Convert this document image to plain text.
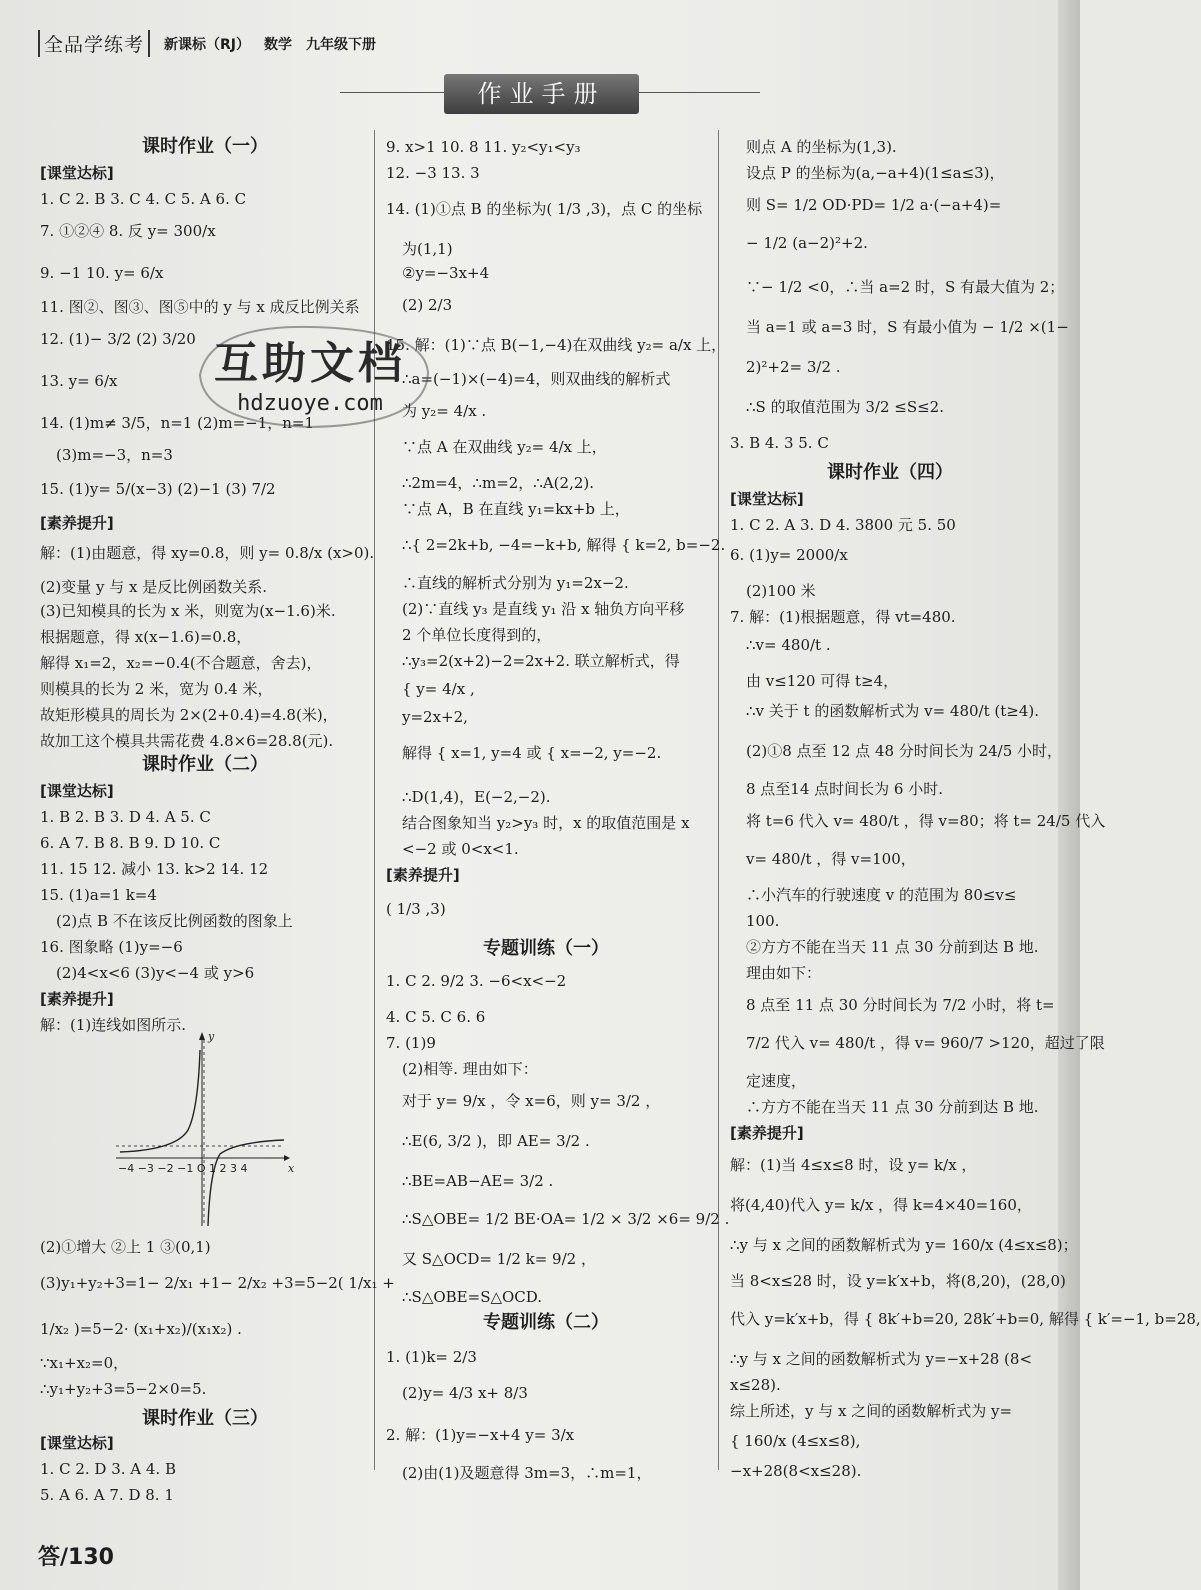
全品学练考	新课标（RJ） 数学 九年级下册
作业手册
课时作业（一）
[课堂达标]
1. C 2. B 3. C 4. C 5. A 6. C
7. ①②④ 8. 反 y= 300/x
9. −1 10. y= 6/x
11. 图②、图③、图⑤中的 y 与 x 成反比例关系
12. (1)− 3/2 (2) 3/20
13. y= 6/x
14. (1)m≠ 3/5，n=1 (2)m=−1，n=1
(3)m=−3，n=3
15. (1)y= 5/(x−3) (2)−1 (3) 7/2
[素养提升]
解：(1)由题意，得 xy=0.8，则 y= 0.8/x (x>0).
(2)变量 y 与 x 是反比例函数关系.
(3)已知模具的长为 x 米，则宽为(x−1.6)米.
根据题意，得 x(x−1.6)=0.8，
解得 x₁=2，x₂=−0.4(不合题意，舍去)，
则模具的长为 2 米，宽为 0.4 米，
故矩形模具的周长为 2×(2+0.4)=4.8(米)，
故加工这个模具共需花费 4.8×6=28.8(元).
课时作业（二）
[课堂达标]
1. B 2. B 3. D 4. A 5. C
6. A 7. B 8. B 9. D 10. C
11. 15 12. 减小 13. k>2 14. 12
15. (1)a=1 k=4
(2)点 B 不在该反比例函数的图象上
16. 图象略 (1)y=−6
(2)4<x<6 (3)y<−4 或 y>6
[素养提升]
解：(1)连线如图所示.
−4 −3 −2 −1 O 1 2 3 4	x
y
(2)①增大 ②上 1 ③(0,1)
(3)y₁+y₂+3=1− 2/x₁ +1− 2/x₂ +3=5−2( 1/x₁ +
1/x₂ )=5−2· (x₁+x₂)/(x₁x₂) .
∵x₁+x₂=0，
∴y₁+y₂+3=5−2×0=5.
课时作业（三）
[课堂达标]
1. C 2. D 3. A 4. B
5. A 6. A 7. D 8. 1
9. x>1 10. 8 11. y₂<y₁<y₃
12. −3 13. 3
14. (1)①点 B 的坐标为( 1/3 ,3)，点 C 的坐标
为(1,1)
②y=−3x+4
(2) 2/3
15. 解：(1)∵点 B(−1,−4)在双曲线 y₂= a/x 上，
∴a=(−1)×(−4)=4，则双曲线的解析式
为 y₂= 4/x .
∵点 A 在双曲线 y₂= 4/x 上，
∴2m=4，∴m=2，∴A(2,2).
∵点 A，B 在直线 y₁=kx+b 上，
∴{ 2=2k+b, −4=−k+b, 解得 { k=2, b=−2.
∴直线的解析式分别为 y₁=2x−2.
(2)∵直线 y₃ 是直线 y₁ 沿 x 轴负方向平移
2 个单位长度得到的，
∴y₃=2(x+2)−2=2x+2. 联立解析式，得
{ y= 4/x ,
y=2x+2,
解得 { x=1, y=4 或 { x=−2, y=−2.
∴D(1,4)，E(−2,−2).
结合图象知当 y₂>y₃ 时，x 的取值范围是 x
<−2 或 0<x<1.
[素养提升]
( 1/3 ,3)
专题训练（一）
1. C 2. 9/2 3. −6<x<−2
4. C 5. C 6. 6
7. (1)9
(2)相等. 理由如下：
对于 y= 9/x ，令 x=6，则 y= 3/2 ，
∴E(6, 3/2 )，即 AE= 3/2 .
∴BE=AB−AE= 3/2 .
∴S△OBE= 1/2 BE·OA= 1/2 × 3/2 ×6= 9/2 .
又 S△OCD= 1/2 k= 9/2 ，
∴S△OBE=S△OCD.
专题训练（二）
1. (1)k= 2/3
(2)y= 4/3 x+ 8/3
2. 解：(1)y=−x+4 y= 3/x
(2)由(1)及题意得 3m=3，∴m=1，
则点 A 的坐标为(1,3).
设点 P 的坐标为(a,−a+4)(1≤a≤3)，
则 S= 1/2 OD·PD= 1/2 a·(−a+4)=
− 1/2 (a−2)²+2.
∵− 1/2 <0，∴当 a=2 时，S 有最大值为 2；
当 a=1 或 a=3 时，S 有最小值为 − 1/2 ×(1−
2)²+2= 3/2 .
∴S 的取值范围为 3/2 ≤S≤2.
3. B 4. 3 5. C
课时作业（四）
[课堂达标]
1. C 2. A 3. D 4. 3800 元 5. 50
6. (1)y= 2000/x
(2)100 米
7. 解：(1)根据题意，得 vt=480.
∴v= 480/t .
由 v≤120 可得 t≥4，
∴v 关于 t 的函数解析式为 v= 480/t (t≥4).
(2)①8 点至 12 点 48 分时间长为 24/5 小时，
8 点至14 点时间长为 6 小时.
将 t=6 代入 v= 480/t ，得 v=80；将 t= 24/5 代入
v= 480/t ，得 v=100，
∴小汽车的行驶速度 v 的范围为 80≤v≤
100.
②方方不能在当天 11 点 30 分前到达 B 地.
理由如下：
8 点至 11 点 30 分时间长为 7/2 小时，将 t=
7/2 代入 v= 480/t ，得 v= 960/7 >120，超过了限
定速度，
∴方方不能在当天 11 点 30 分前到达 B 地.
[素养提升]
解：(1)当 4≤x≤8 时，设 y= k/x ，
将(4,40)代入 y= k/x ，得 k=4×40=160，
∴y 与 x 之间的函数解析式为 y= 160/x (4≤x≤8)；
当 8<x≤28 时，设 y=k′x+b，将(8,20)，(28,0)
代入 y=k′x+b，得 { 8k′+b=20, 28k′+b=0, 解得 { k′=−1, b=28,
∴y 与 x 之间的函数解析式为 y=−x+28 (8<
x≤28).
综上所述，y 与 x 之间的函数解析式为 y=
{ 160/x (4≤x≤8),
−x+28(8<x≤28).
互助文档
hdzuoye.com
答/130
